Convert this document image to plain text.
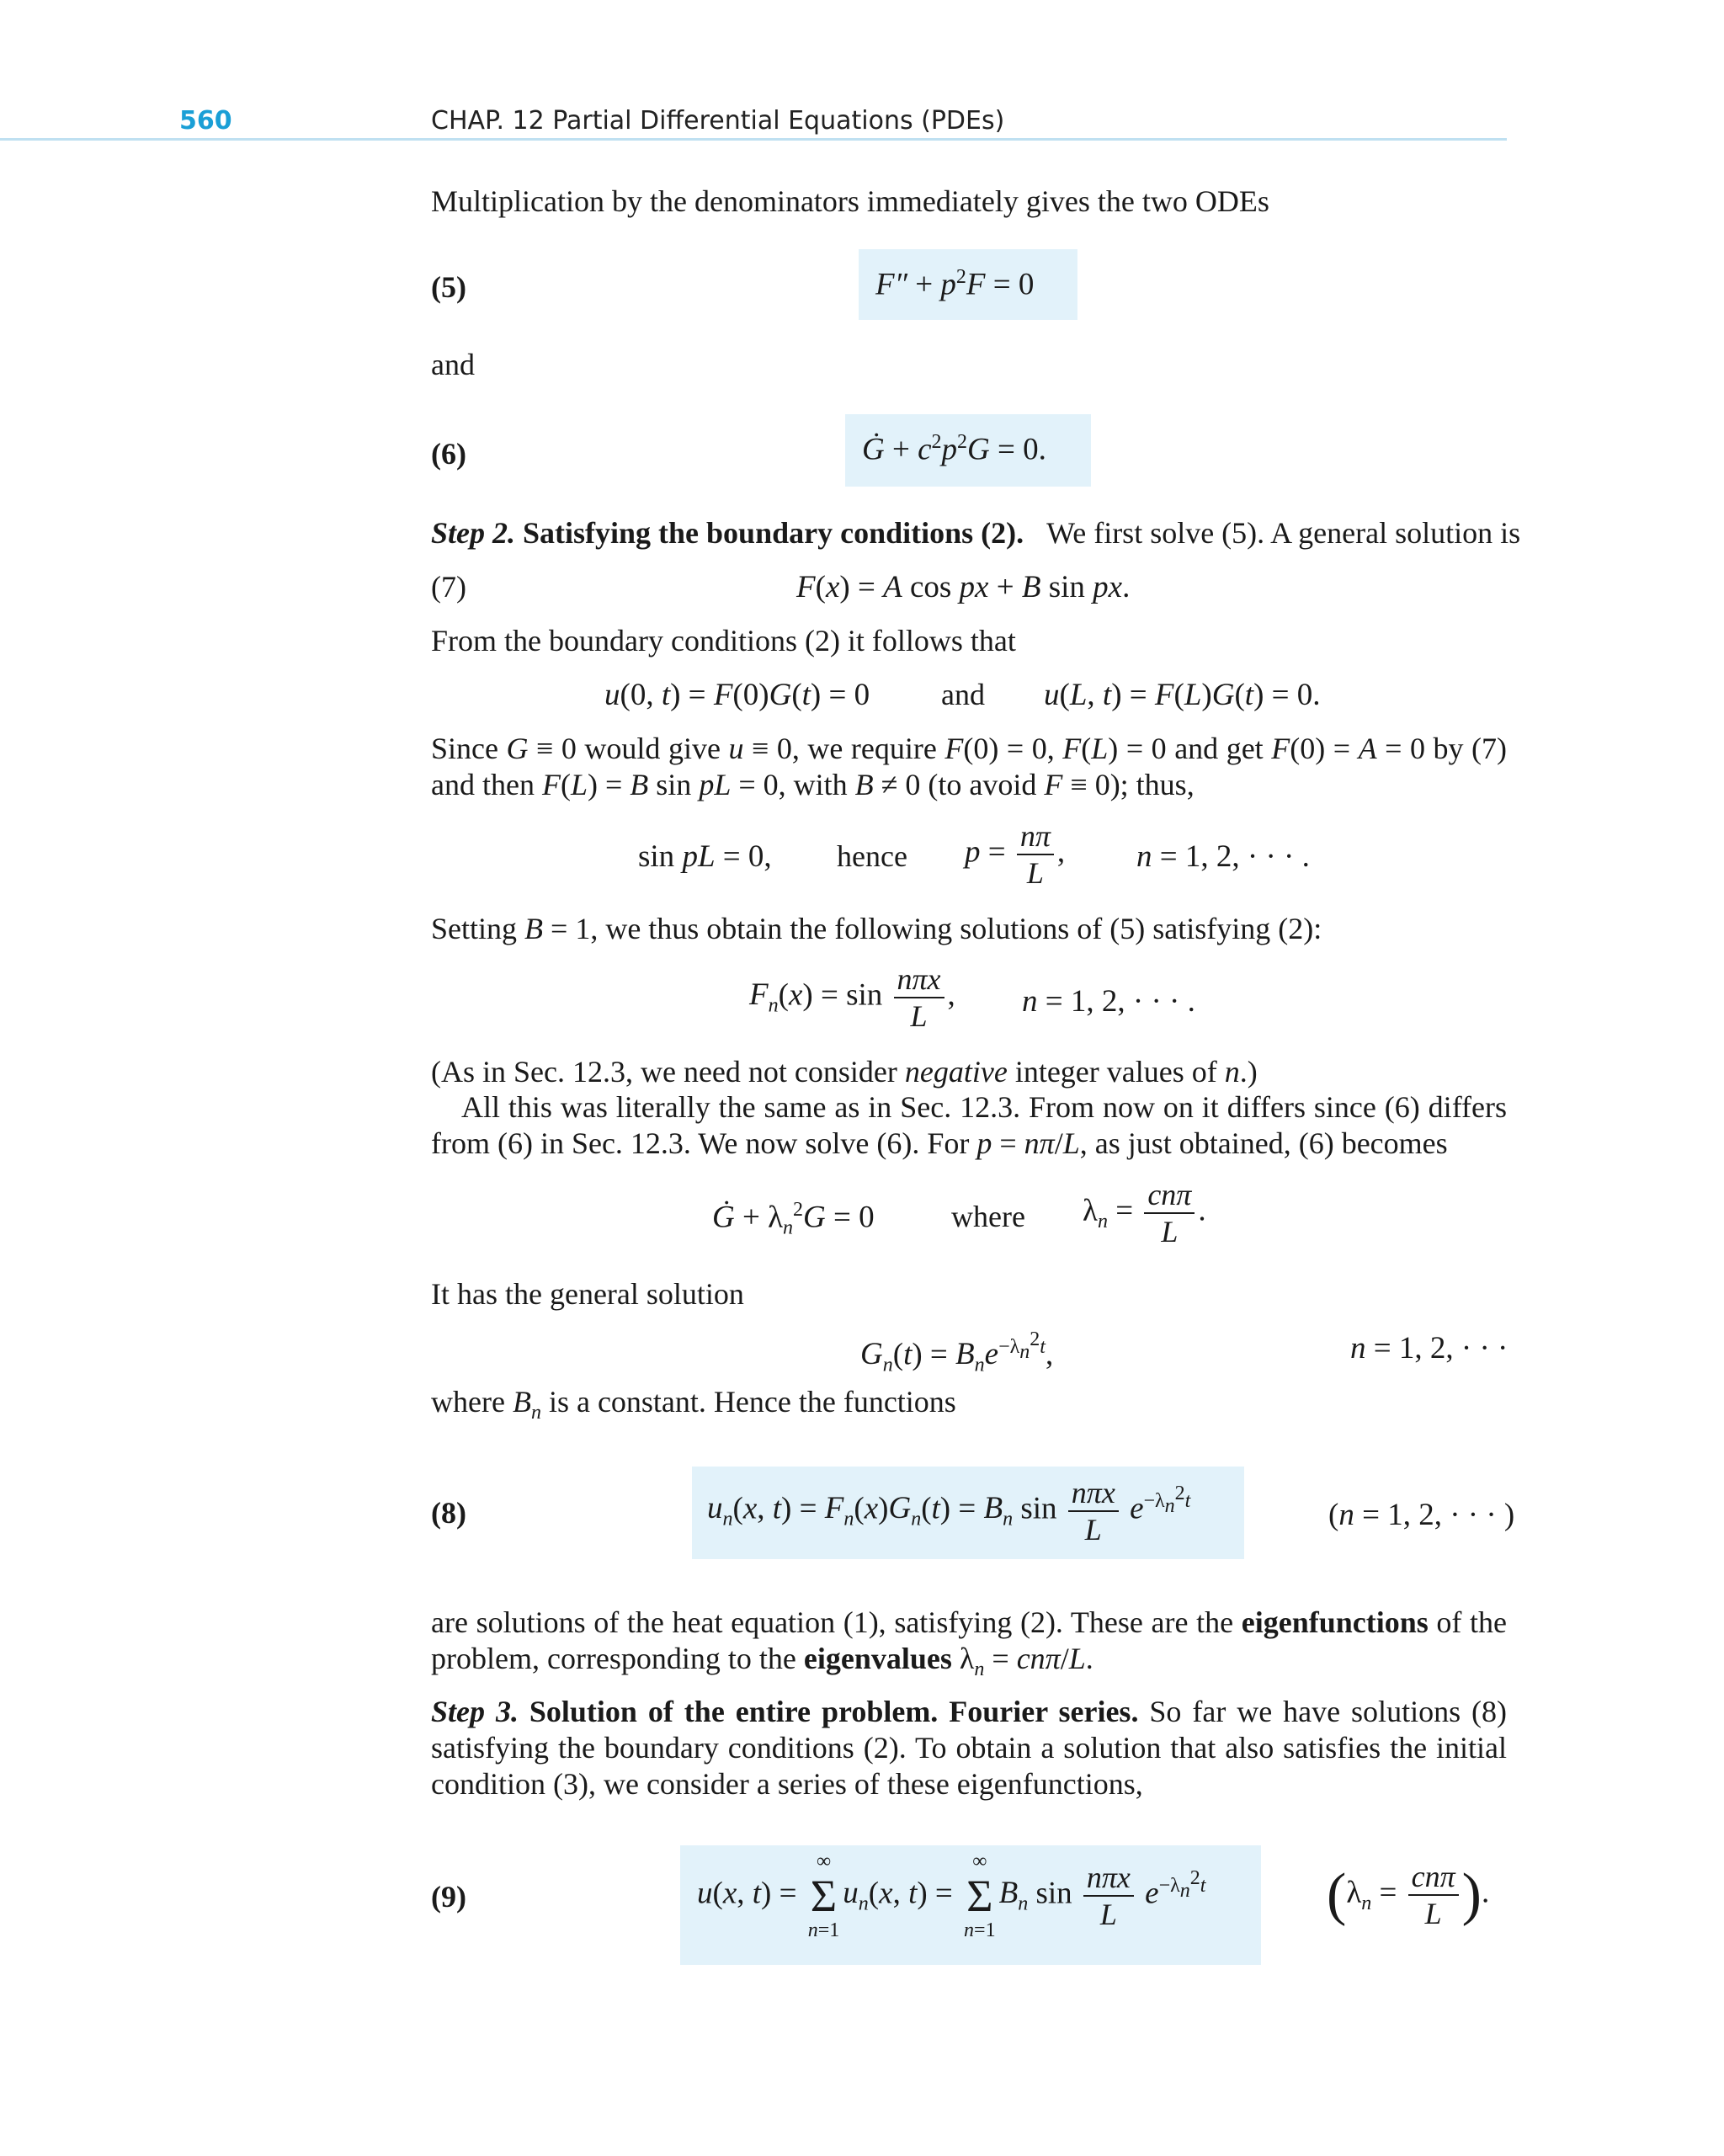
560	CHAP. 12 Partial Differential Equations (PDEs)
Multiplication by the denominators immediately gives the two ODEs
(5)	$F'' + p^2F = 0$
and
(6)	Ġ + $c^2p^2G = 0$.
Step 2. Satisfying the boundary conditions (2). We first solve (5). A general solution is
(7)	F(x) = A cos px + B sin px.
From the boundary conditions (2) it follows that
u(0, t) = F(0)G(t) = 0 and u(L, t) = F(L)G(t) = 0.
Since G ≡ 0 would give u ≡ 0, we require F(0) = 0, F(L) = 0 and get F(0) = A = 0 by (7) and then F(L) = B sin pL = 0, with B ≠ 0 (to avoid F ≡ 0); thus,
sin pL = 0, hence $p = \frac{n\pi}{L}$ , n = 1, 2, · · · .
Setting B = 1, we thus obtain the following solutions of (5) satisfying (2):
$F_n(x) = \sin \frac{\text{nπx}}{L}$ , n = 1, 2, · · · .
(As in Sec. 12.3, we need not consider negative integer values of n.)
All this was literally the same as in Sec. 12.3. From now on it differs since (6) differs from (6) in Sec. 12.3. We now solve (6). For p = nπ/L, as just obtained, (6) becomes
Ġ + $\lambda_n^2G = 0$	where $\lambda_n = \frac{\text{cnπ}}{L}$ .
It has the general solution
$G_n(t) = B_ne^{-\lambda_n^2t}$,	n = 1, 2, · · ·
where $B_n$ is a constant. Hence the functions
(8)	$u_n(x$, $t) = F_n(x)G_n(t) = B_n$ $\sin \frac{\text{nπx}}{L} e^{-\lambda_n^2t}$	(n = 1, 2, · · · )
are solutions of the heat equation (1), satisfying (2). These are the eigenfunctions of the problem, corresponding to the eigenvalues $\lambda_n = cn\pi/L$.
Step 3. Solution of the entire problem. Fourier series. So far we have solutions (8) satisfying the boundary conditions (2). To obtain a solution that also satisfies the initial condition (3), we consider a series of these eigenfunctions,
(9)	u(x, t) =
∞
Σ
n=1
$u_n(x$, t) =
∞
Σ
n=1
$B_n$ $\sin \frac{\text{nπx}}{L} e^{-\lambda_n^2t}$ ($\lambda_n = \frac{\text{cnπ}}{L}$ ).
